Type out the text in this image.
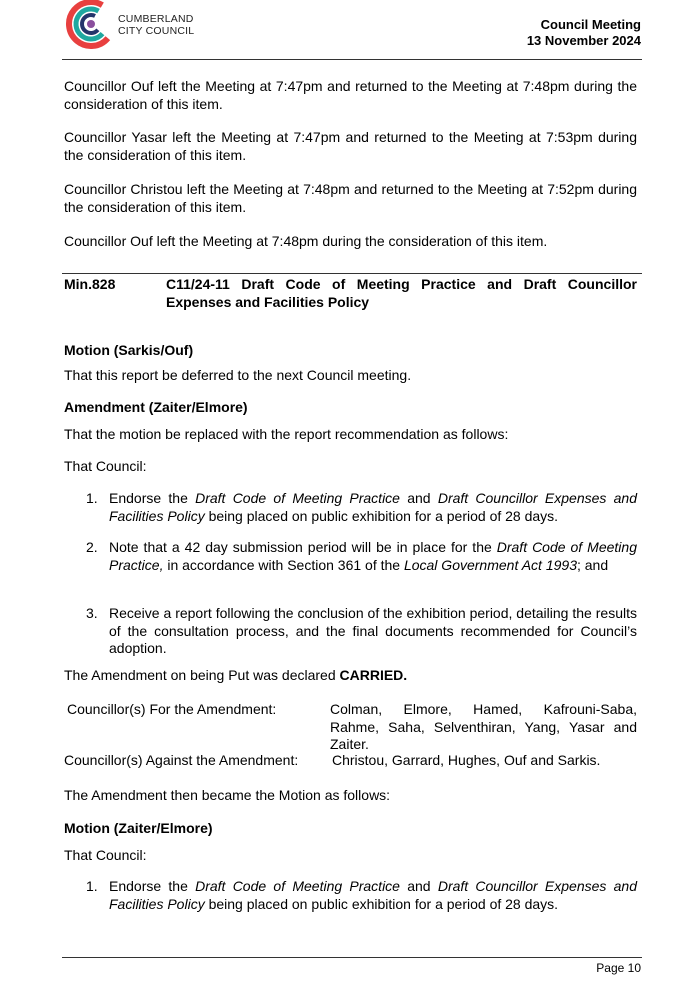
CUMBERLAND
CITY COUNCIL	Council Meeting
13 November 2024
Councillor Ouf left the Meeting at 7:47pm and returned to the Meeting at 7:48pm during the consideration of this item.
Councillor Yasar left the Meeting at 7:47pm and returned to the Meeting at 7:53pm during the consideration of this item.
Councillor Christou left the Meeting at 7:48pm and returned to the Meeting at 7:52pm during the consideration of this item.
Councillor Ouf left the Meeting at 7:48pm during the consideration of this item.
Min.828	C11/24-11 Draft Code of Meeting Practice and Draft Councillor Expenses and Facilities Policy
Motion (Sarkis/Ouf)
That this report be deferred to the next Council meeting.
Amendment (Zaiter/Elmore)
That the motion be replaced with the report recommendation as follows:
That Council:
1. Endorse the Draft Code of Meeting Practice and Draft Councillor Expenses and Facilities Policy being placed on public exhibition for a period of 28 days.
2. Note that a 42 day submission period will be in place for the Draft Code of Meeting Practice, in accordance with Section 361 of the Local Government Act 1993; and
3. Receive a report following the conclusion of the exhibition period, detailing the results of the consultation process, and the final documents recommended for Council’s adoption.
The Amendment on being Put was declared CARRIED.
Councillor(s) For the Amendment:	Colman, Elmore, Hamed, Kafrouni-Saba, Rahme, Saha, Selventhiran, Yang, Yasar and Zaiter.
Councillor(s) Against the Amendment: Christou, Garrard, Hughes, Ouf and Sarkis.
The Amendment then became the Motion as follows:
Motion (Zaiter/Elmore)
That Council:
1. Endorse the Draft Code of Meeting Practice and Draft Councillor Expenses and Facilities Policy being placed on public exhibition for a period of 28 days.
Page 10
